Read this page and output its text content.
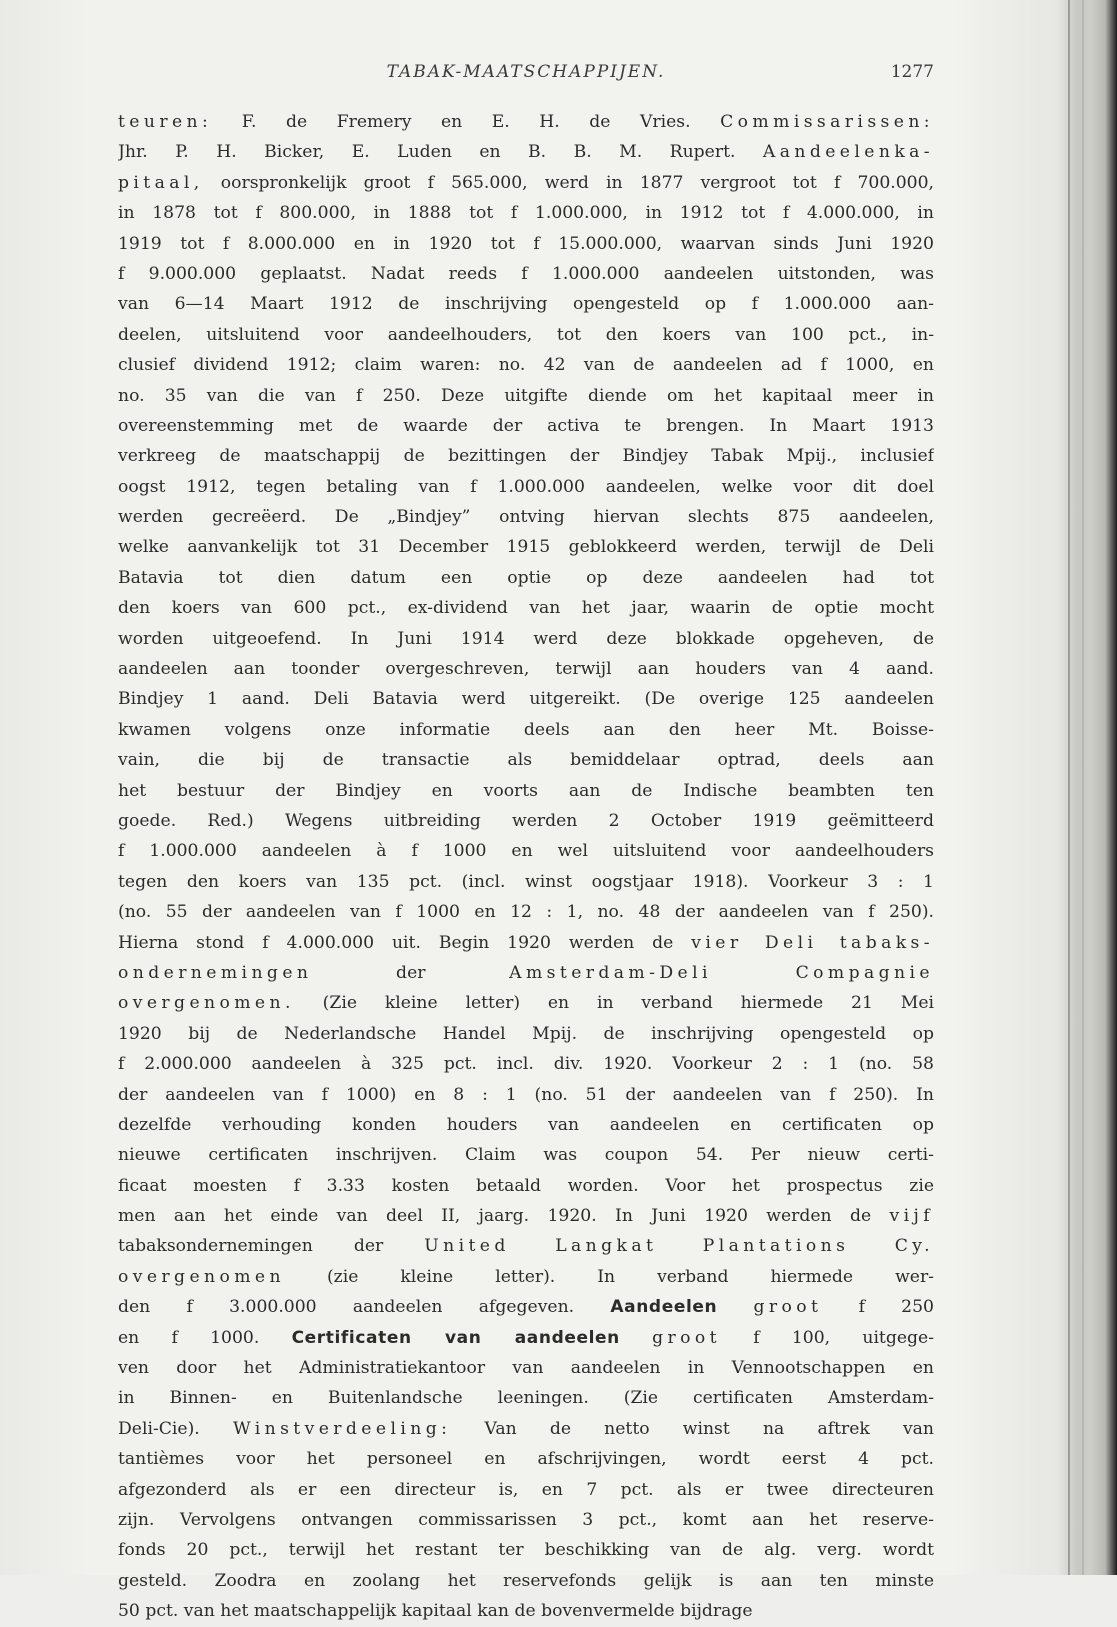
TABAK-MAATSCHAPPIJEN.	1277
teuren: F. de Fremery en E. H. de Vries. Commissarissen:
Jhr. P. H. Bicker, E. Luden en B. B. M. Rupert. Aandeelenka-
pitaal, oorspronkelijk groot f 565.000, werd in 1877 vergroot tot f 700.000,
in 1878 tot f 800.000, in 1888 tot f 1.000.000, in 1912 tot f 4.000.000, in
1919 tot f 8.000.000 en in 1920 tot f 15.000.000, waarvan sinds Juni 1920
f 9.000.000 geplaatst. Nadat reeds f 1.000.000 aandeelen uitstonden, was
van 6—14 Maart 1912 de inschrijving opengesteld op f 1.000.000 aan-
deelen, uitsluitend voor aandeelhouders, tot den koers van 100 pct., in-
clusief dividend 1912; claim waren: no. 42 van de aandeelen ad f 1000, en
no. 35 van die van f 250. Deze uitgifte diende om het kapitaal meer in
overeenstemming met de waarde der activa te brengen. In Maart 1913
verkreeg de maatschappij de bezittingen der Bindjey Tabak Mpij., inclusief
oogst 1912, tegen betaling van f 1.000.000 aandeelen, welke voor dit doel
werden gecreëerd. De „Bindjey” ontving hiervan slechts 875 aandeelen,
welke aanvankelijk tot 31 December 1915 geblokkeerd werden, terwijl de Deli
Batavia tot dien datum een optie op deze aandeelen had tot
den koers van 600 pct., ex-dividend van het jaar, waarin de optie mocht
worden uitgeoefend. In Juni 1914 werd deze blokkade opgeheven, de
aandeelen aan toonder overgeschreven, terwijl aan houders van 4 aand.
Bindjey 1 aand. Deli Batavia werd uitgereikt. (De overige 125 aandeelen
kwamen volgens onze informatie deels aan den heer Mt. Boisse-
vain, die bij de transactie als bemiddelaar optrad, deels aan
het bestuur der Bindjey en voorts aan de Indische beambten ten
goede. Red.) Wegens uitbreiding werden 2 October 1919 geëmitteerd
f 1.000.000 aandeelen à f 1000 en wel uitsluitend voor aandeelhouders
tegen den koers van 135 pct. (incl. winst oogstjaar 1918). Voorkeur 3 : 1
(no. 55 der aandeelen van f 1000 en 12 : 1, no. 48 der aandeelen van f 250).
Hierna stond f 4.000.000 uit. Begin 1920 werden de vier Deli tabaks-
ondernemingen der Amsterdam-Deli	Compagnie
overgenomen. (Zie kleine letter) en in verband hiermede 21 Mei
1920 bij de Nederlandsche Handel Mpij. de inschrijving opengesteld op
f 2.000.000 aandeelen à 325 pct. incl. div. 1920. Voorkeur 2 : 1 (no. 58
der aandeelen van f 1000) en 8 : 1 (no. 51 der aandeelen van f 250). In
dezelfde verhouding konden houders van aandeelen en certificaten op
nieuwe certificaten inschrijven. Claim was coupon 54. Per nieuw certi-
ficaat moesten f 3.33 kosten betaald worden. Voor het prospectus zie
men aan het einde van deel II, jaarg. 1920. In Juni 1920 werden de vijf
tabaksondernemingen der United Langkat Plantations Cy.
overgenomen (zie kleine letter). In verband hiermede wer-
den f 3.000.000 aandeelen afgegeven. Aandeelen groot f 250
en f 1000. Certificaten van aandeelen groot f 100, uitgege-
ven door het Administratiekantoor van aandeelen in Vennootschappen en
in Binnen- en Buitenlandsche leeningen. (Zie certificaten Amsterdam-
Deli-Cie). Winstverdeeling: Van de netto winst na aftrek van
tantièmes voor het personeel en afschrijvingen, wordt eerst 4 pct.
afgezonderd als er een directeur is, en 7 pct. als er twee directeuren
zijn. Vervolgens ontvangen commissarissen 3 pct., komt aan het reserve-
fonds 20 pct., terwijl het restant ter beschikking van de alg. verg. wordt
gesteld. Zoodra en zoolang het reservefonds gelijk is aan ten minste
50 pct. van het maatschappelijk kapitaal kan de bovenvermelde bijdrage
